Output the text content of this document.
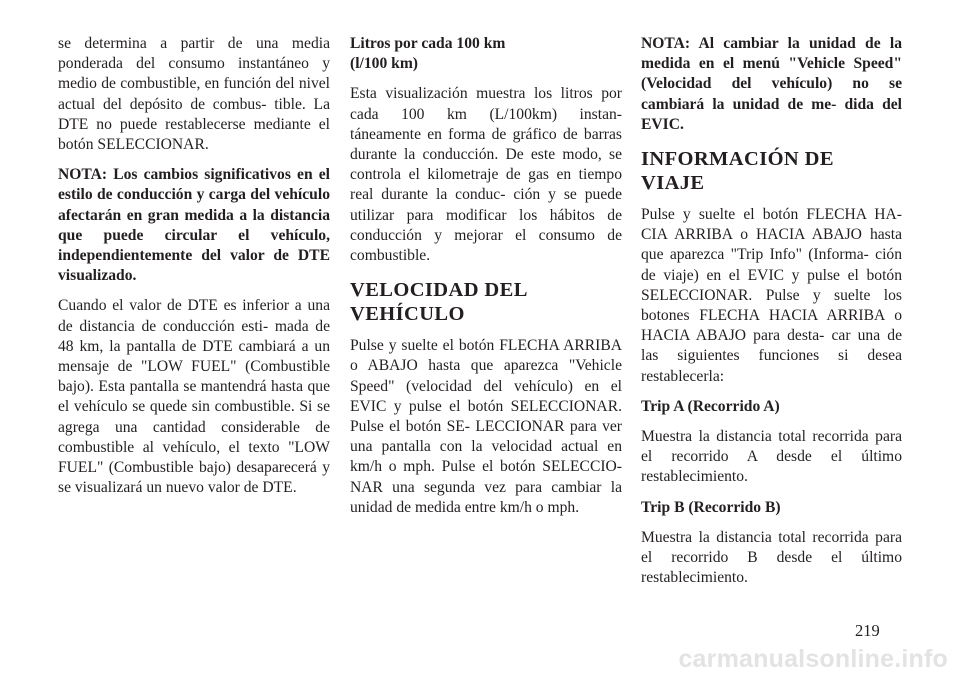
se determina a partir de una media ponderada del consumo instantáneo y medio de combustible, en función del nivel actual del depósito de combus- tible. La DTE no puede restablecerse mediante el botón SELECCIONAR.

NOTA: Los cambios significativos en el estilo de conducción y carga del vehículo afectarán en gran medida a la distancia que puede circular el vehículo, independientemente del valor de DTE visualizado.

Cuando el valor de DTE es inferior a una de distancia de conducción esti- mada de 48 km, la pantalla de DTE cambiará a un mensaje de "LOW FUEL" (Combustible bajo). Esta pantalla se mantendrá hasta que el vehículo se quede sin combustible. Si se agrega una cantidad considerable de combustible al vehículo, el texto "LOW FUEL" (Combustible bajo) desaparecerá y se visualizará un nuevo valor de DTE.

Litros por cada 100 km
(l/100 km)

Esta visualización muestra los litros por cada 100 km (L/100km) instan- táneamente en forma de gráfico de barras durante la conducción. De este modo, se controla el kilometraje de gas en tiempo real durante la conduc- ción y se puede utilizar para modificar los hábitos de conducción y mejorar el consumo de combustible.

VELOCIDAD DEL
VEHÍCULO

Pulse y suelte el botón FLECHA ARRIBA o ABAJO hasta que aparezca "Vehicle Speed" (velocidad del vehículo) en el EVIC y pulse el botón SELECCIONAR. Pulse el botón SE- LECCIONAR para ver una pantalla con la velocidad actual en km/h o mph. Pulse el botón SELECCIO- NAR una segunda vez para cambiar la unidad de medida entre km/h o mph.

NOTA: Al cambiar la unidad de la medida en el menú "Vehicle Speed" (Velocidad del vehículo) no se cambiará la unidad de me- dida del EVIC.

INFORMACIÓN DE VIAJE

Pulse y suelte el botón FLECHA HA- CIA ARRIBA o HACIA ABAJO hasta que aparezca "Trip Info" (Informa- ción de viaje) en el EVIC y pulse el botón SELECCIONAR. Pulse y suelte los botones FLECHA HACIA ARRIBA o HACIA ABAJO para desta- car una de las siguientes funciones si desea restablecerla:

Trip A (Recorrido A)

Muestra la distancia total recorrida para el recorrido A desde el último restablecimiento.

Trip B (Recorrido B)

Muestra la distancia total recorrida para el recorrido B desde el último restablecimiento.

219
carmanualsonline.info
